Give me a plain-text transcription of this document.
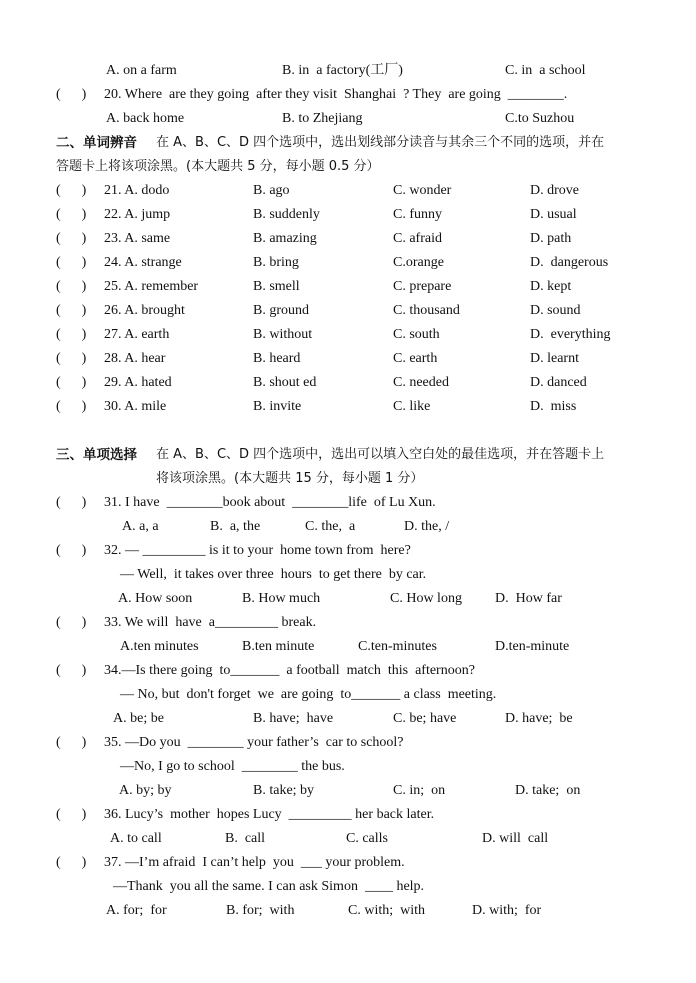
A. on a farm	B. in  a factory(工厂)	C. in  a school
(      ) 20. Where  are they going  after they visit  Shanghai  ? They  are going  ________.
A. back home	B. to Zhejiang	C.to Suzhou
二、单词辨音 在 A、B、C、D 四个选项中，选出划线部分读音与其余三个不同的选项，并在
答题卡上将该项涂黑。(本大题共 5 分，每小题 0.5 分）
(      ) 21. A. dodo	B. ago	C. wonder	D. drove
(      ) 22. A. jump	B. suddenly	C. funny	D. usual
(      ) 23. A. same	B. amazing	C. afraid	D. path
(      ) 24. A. strange	B. bring	C.orange	D.  dangerous
(      ) 25. A. remember	B. smell	C. prepare	D. kept
(      ) 26. A. brought	B. ground	C. thousand	D. sound
(      ) 27. A. earth	B. without	C. south	D.  everything
(      ) 28. A. hear	B. heard	C. earth	D. learnt
(      ) 29. A. hated	B. shout ed	C. needed	D. danced
(      ) 30. A. mile	B. invite	C. like	D.  miss
三、单项选择 在 A、B、C、D 四个选项中，选出可以填入空白处的最佳选项，并在答题卡上
将该项涂黑。(本大题共 15 分，每小题 1 分）
(      ) 31. I have  ________book about  ________life  of Lu Xun.
A. a, a	B.  a, the	C. the,  a	D. the, /
(      ) 32. — _________ is it to your  home town from  here?
— Well,  it takes over three  hours  to get there  by car.
A. How soon	B. How much	C. How long D.  How far
(      ) 33. We will  have  a_________ break.
A.ten minutes	B.ten minute	C.ten-minutes	D.ten-minute
(      ) 34.—Is there going  to_______  a football  match  this  afternoon?
— No, but  don't forget  we  are going  to_______ a class  meeting.
A. be; be	B. have;  have	C. be; have	D. have;  be
(      ) 35. —Do you  ________ your father’s  car to school?
—No, I go to school  ________ the bus.
A. by; by	B. take; by	C. in;  on	D. take;  on
(      ) 36. Lucy’s  mother  hopes Lucy  _________ her back later.
A. to call	B.  call	C. calls	D. will  call
(      ) 37. —I’m afraid  I can’t help  you  ___ your problem.
—Thank  you all the same. I can ask Simon  ____ help.
A. for;  for	B. for;  with	C. with;  with	D. with;  for
